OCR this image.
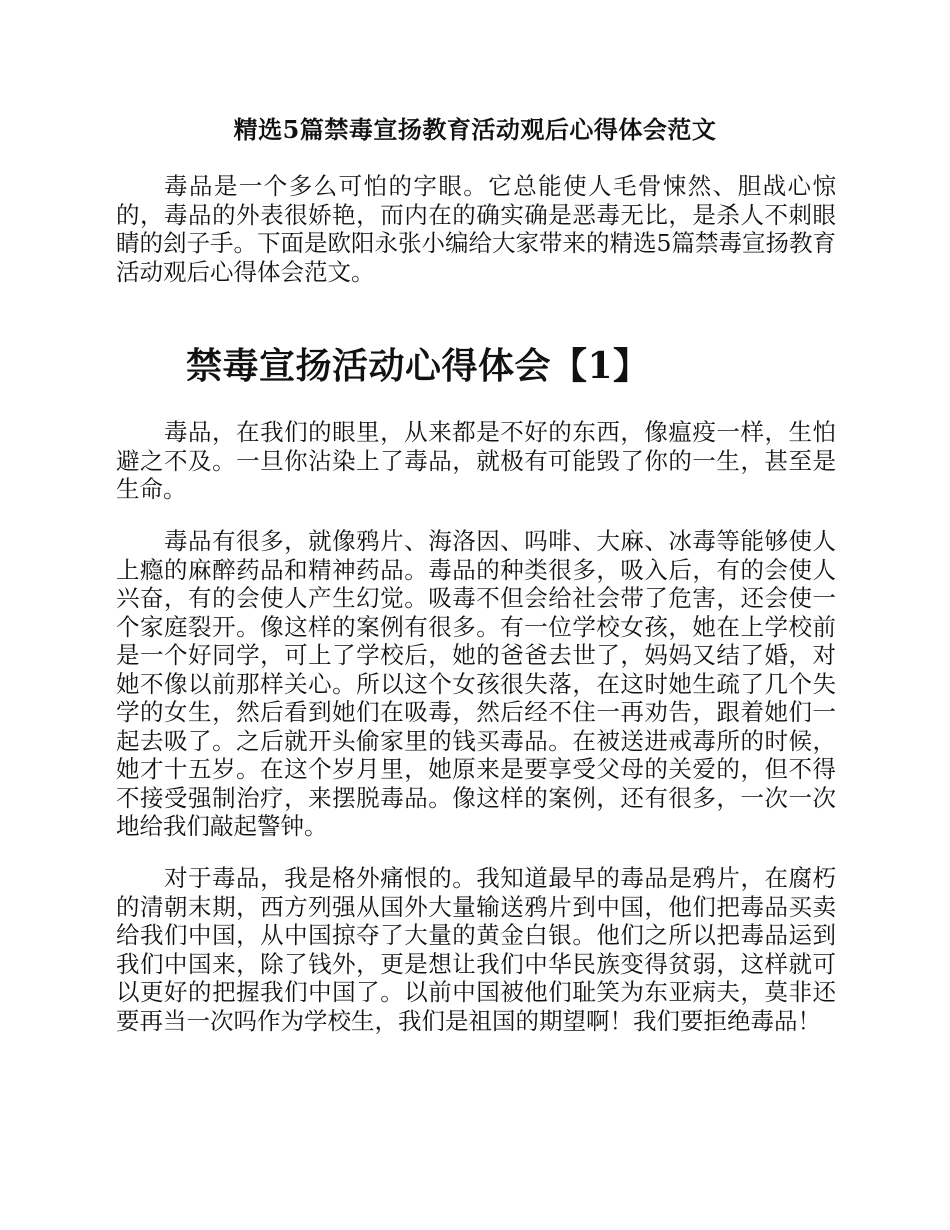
精选5篇禁毒宣扬教育活动观后心得体会范文

毒品是一个多么可怕的字眼。它总能使人毛骨悚然、胆战心惊的，毒品的外表很娇艳，而内在的确实确是恶毒无比，是杀人不刺眼睛的刽子手。下面是欧阳永张小编给大家带来的精选5篇禁毒宣扬教育活动观后心得体会范文。

禁毒宣扬活动心得体会【1】

毒品，在我们的眼里，从来都是不好的东西，像瘟疫一样，生怕避之不及。一旦你沾染上了毒品，就极有可能毁了你的一生，甚至是生命。

毒品有很多，就像鸦片、海洛因、吗啡、大麻、冰毒等能够使人上瘾的麻醉药品和精神药品。毒品的种类很多，吸入后，有的会使人兴奋，有的会使人产生幻觉。吸毒不但会给社会带了危害，还会使一个家庭裂开。像这样的案例有很多。有一位学校女孩，她在上学校前是一个好同学，可上了学校后，她的爸爸去世了，妈妈又结了婚，对她不像以前那样关心。所以这个女孩很失落，在这时她生疏了几个失学的女生，然后看到她们在吸毒，然后经不住一再劝告，跟着她们一起去吸了。之后就开头偷家里的钱买毒品。在被送进戒毒所的时候，她才十五岁。在这个岁月里，她原来是要享受父母的关爱的，但不得不接受强制治疗，来摆脱毒品。像这样的案例，还有很多，一次一次地给我们敲起警钟。

对于毒品，我是格外痛恨的。我知道最早的毒品是鸦片，在腐朽的清朝末期，西方列强从国外大量输送鸦片到中国，他们把毒品买卖给我们中国，从中国掠夺了大量的黄金白银。他们之所以把毒品运到我们中国来，除了钱外，更是想让我们中华民族变得贫弱，这样就可以更好的把握我们中国了。以前中国被他们耻笑为东亚病夫，莫非还要再当一次吗作为学校生，我们是祖国的期望啊！我们要拒绝毒品！
